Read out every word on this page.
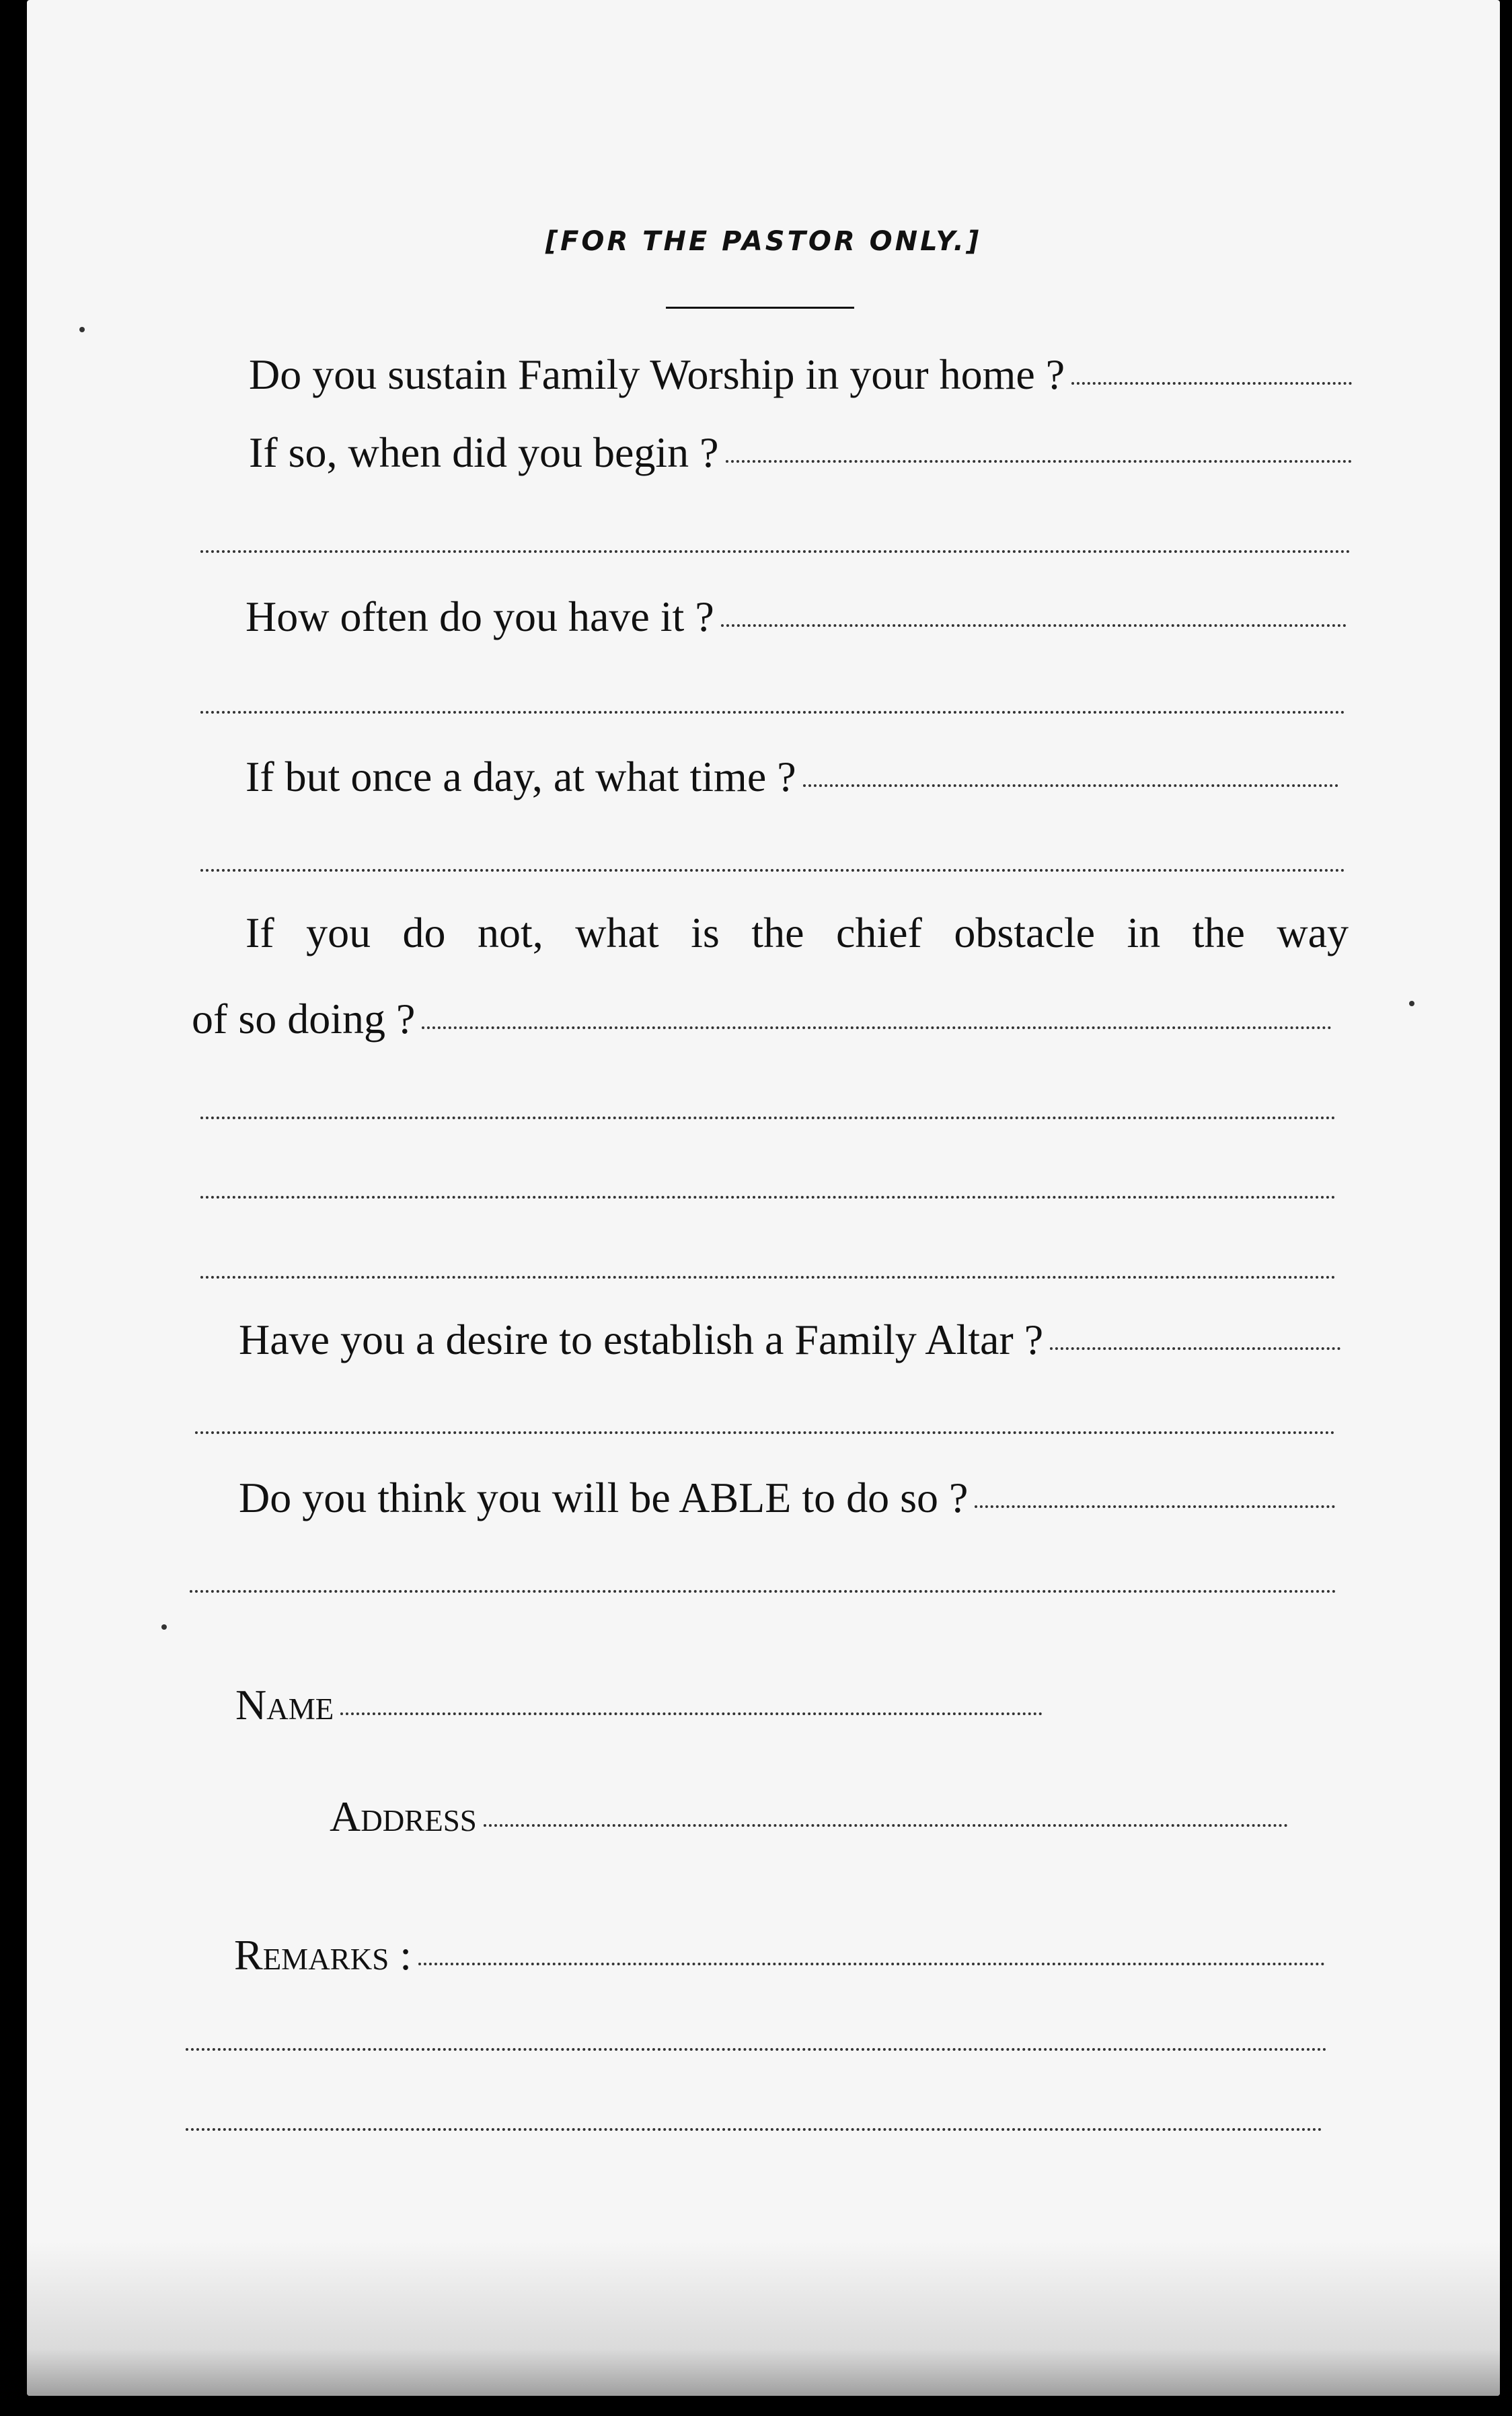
[FOR THE PASTOR ONLY.]
Do you sustain Family Worship in your home ?
If so, when did you begin ?
How often do you have it ?
If but once a day, at what time ?
If you do not, what is the chief obstacle in the way
of so doing ?
Have you a desire to establish a Family Altar ?
Do you think you will be ABLE to do so ?
Name
Address
Remarks :
